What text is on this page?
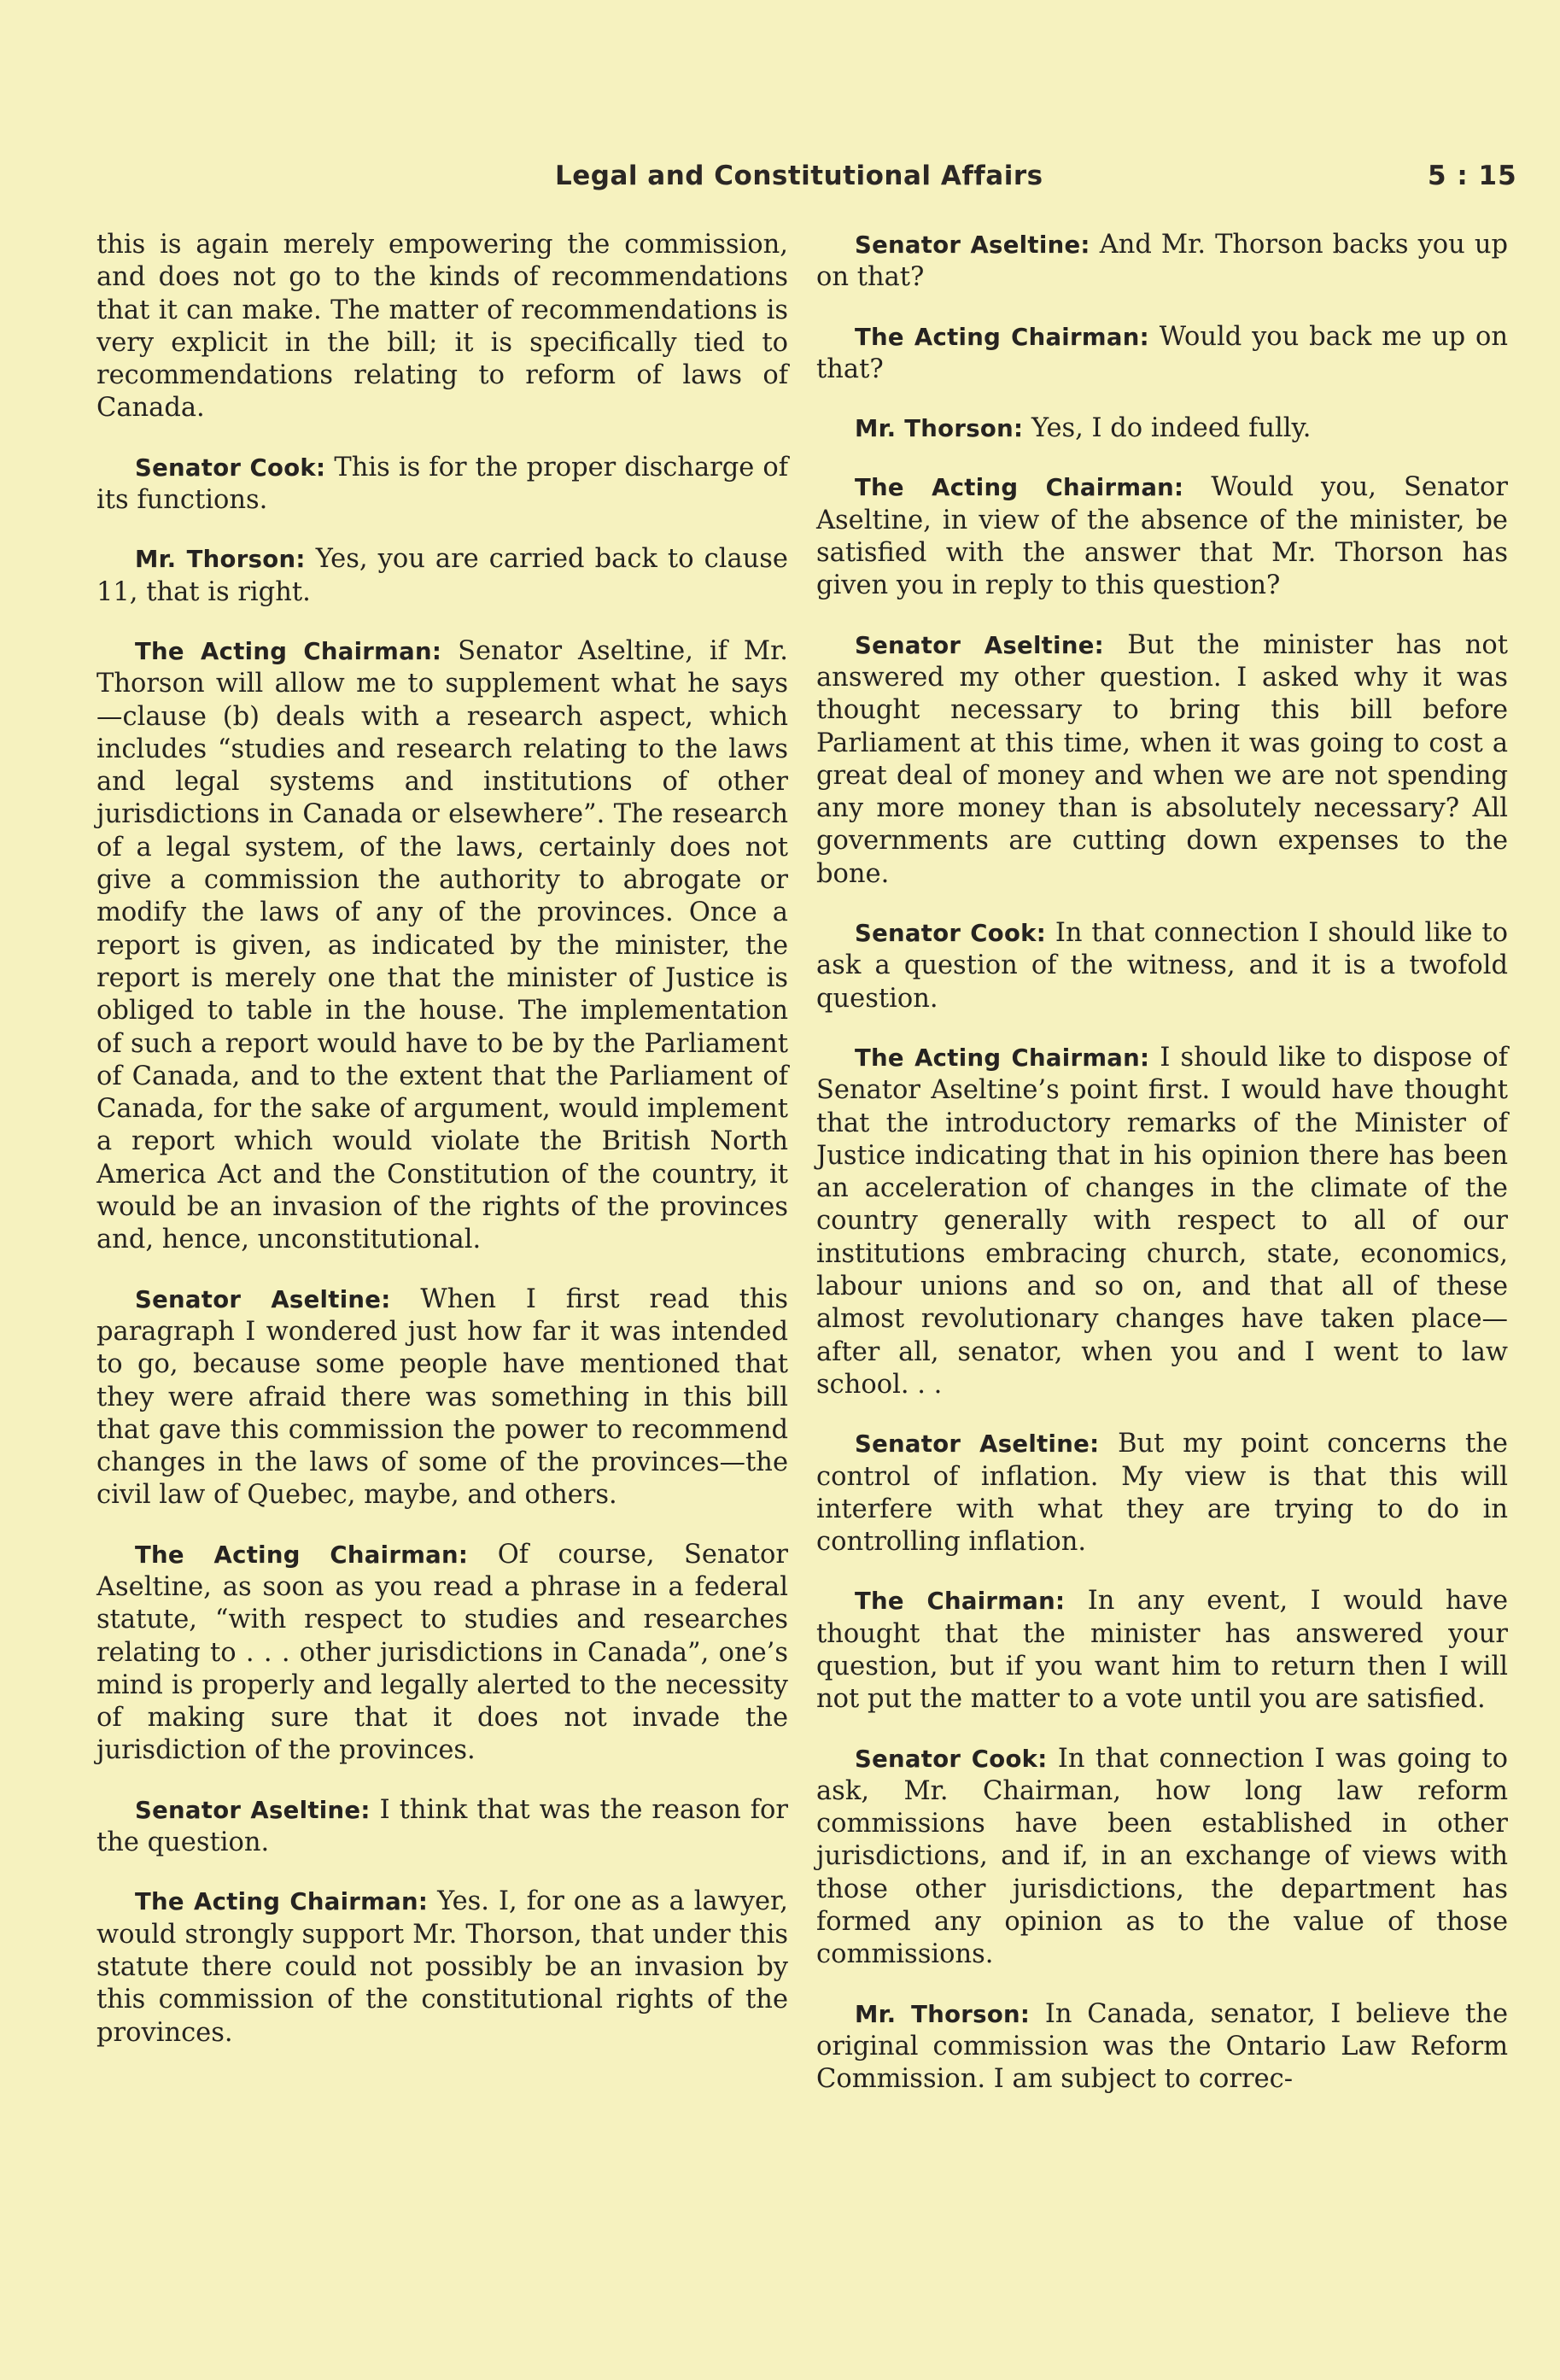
Legal and Constitutional Affairs	5 : 15

this is again merely empowering the commission, and does not go to the kinds of recommendations that it can make. The matter of recommendations is very explicit in the bill; it is specifically tied to recommendations relating to reform of laws of Canada.

Senator Cook: This is for the proper discharge of its functions.

Mr. Thorson: Yes, you are carried back to clause 11, that is right.

The Acting Chairman: Senator Aseltine, if Mr. Thorson will allow me to supplement what he says—clause (b) deals with a research aspect, which includes “studies and research relating to the laws and legal systems and institutions of other jurisdictions in Canada or elsewhere”. The research of a legal system, of the laws, certainly does not give a commission the authority to abrogate or modify the laws of any of the provinces. Once a report is given, as indicated by the minister, the report is merely one that the minister of Justice is obliged to table in the house. The implementation of such a report would have to be by the Parliament of Canada, and to the extent that the Parliament of Canada, for the sake of argument, would implement a report which would violate the British North America Act and the Constitution of the country, it would be an invasion of the rights of the provinces and, hence, unconstitutional.

Senator Aseltine: When I first read this paragraph I wondered just how far it was intended to go, because some people have mentioned that they were afraid there was something in this bill that gave this commission the power to recommend changes in the laws of some of the provinces—the civil law of Quebec, maybe, and others.

The Acting Chairman: Of course, Senator Aseltine, as soon as you read a phrase in a federal statute, “with respect to studies and researches relating to . . . other jurisdictions in Canada”, one’s mind is properly and legally alerted to the necessity of making sure that it does not invade the jurisdiction of the provinces.

Senator Aseltine: I think that was the reason for the question.

The Acting Chairman: Yes. I, for one as a lawyer, would strongly support Mr. Thorson, that under this statute there could not possibly be an invasion by this commission of the constitutional rights of the provinces.

Senator Aseltine: And Mr. Thorson backs you up on that?

The Acting Chairman: Would you back me up on that?

Mr. Thorson: Yes, I do indeed fully.

The Acting Chairman: Would you, Senator Aseltine, in view of the absence of the minister, be satisfied with the answer that Mr. Thorson has given you in reply to this question?

Senator Aseltine: But the minister has not answered my other question. I asked why it was thought necessary to bring this bill before Parliament at this time, when it was going to cost a great deal of money and when we are not spending any more money than is absolutely necessary? All governments are cutting down expenses to the bone.

Senator Cook: In that connection I should like to ask a question of the witness, and it is a twofold question.

The Acting Chairman: I should like to dispose of Senator Aseltine’s point first. I would have thought that the introductory remarks of the Minister of Justice indicating that in his opinion there has been an acceleration of changes in the climate of the country generally with respect to all of our institutions embracing church, state, economics, labour unions and so on, and that all of these almost revolutionary changes have taken place—after all, senator, when you and I went to law school. . .

Senator Aseltine: But my point concerns the control of inflation. My view is that this will interfere with what they are trying to do in controlling inflation.

The Chairman: In any event, I would have thought that the minister has answered your question, but if you want him to return then I will not put the matter to a vote until you are satisfied.

Senator Cook: In that connection I was going to ask, Mr. Chairman, how long law reform commissions have been established in other jurisdictions, and if, in an exchange of views with those other jurisdictions, the department has formed any opinion as to the value of those commissions.

Mr. Thorson: In Canada, senator, I believe the original commission was the Ontario Law Reform Commission. I am subject to correc-
